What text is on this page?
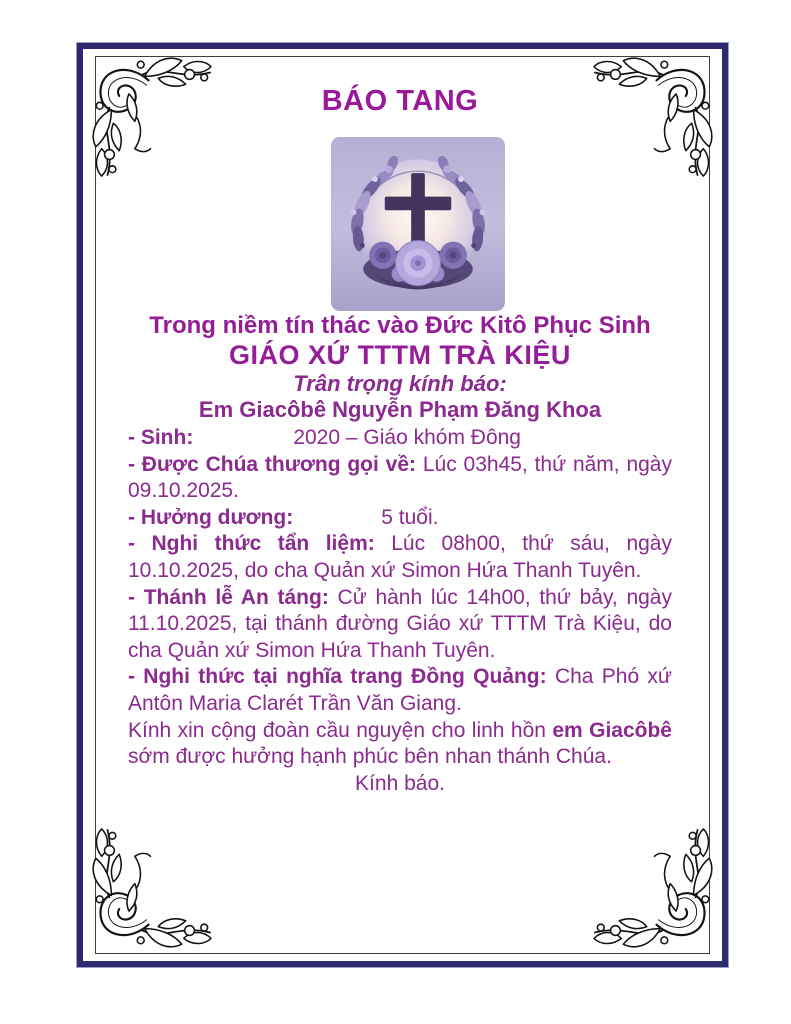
BÁO TANG

Trong niềm tín thác vào Đức Kitô Phục Sinh

GIÁO XỨ TTTM TRÀ KIỆU

Trân trọng kính báo:

Em Giacôbê Nguyễn Phạm Đăng Khoa

- Sinh:	2020 – Giáo khóm Đông

- Được Chúa thương gọi về: Lúc 03h45, thứ năm, ngày 09.10.2025.

- Hưởng dương:	5 tuổi.

- Nghi thức tẩn liệm: Lúc 08h00, thứ sáu, ngày 10.10.2025, do cha Quản xứ Simon Hứa Thanh Tuyên.

- Thánh lễ An táng: Cử hành lúc 14h00, thứ bảy, ngày 11.10.2025, tại thánh đường Giáo xứ TTTM Trà Kiệu, do cha Quản xứ Simon Hứa Thanh Tuyên.

- Nghi thức tại nghĩa trang Đồng Quảng: Cha Phó xứ Antôn Maria Clarét Trần Văn Giang.

Kính xin cộng đoàn cầu nguyện cho linh hồn em Giacôbê sớm được hưởng hạnh phúc bên nhan thánh Chúa.

Kính báo.
